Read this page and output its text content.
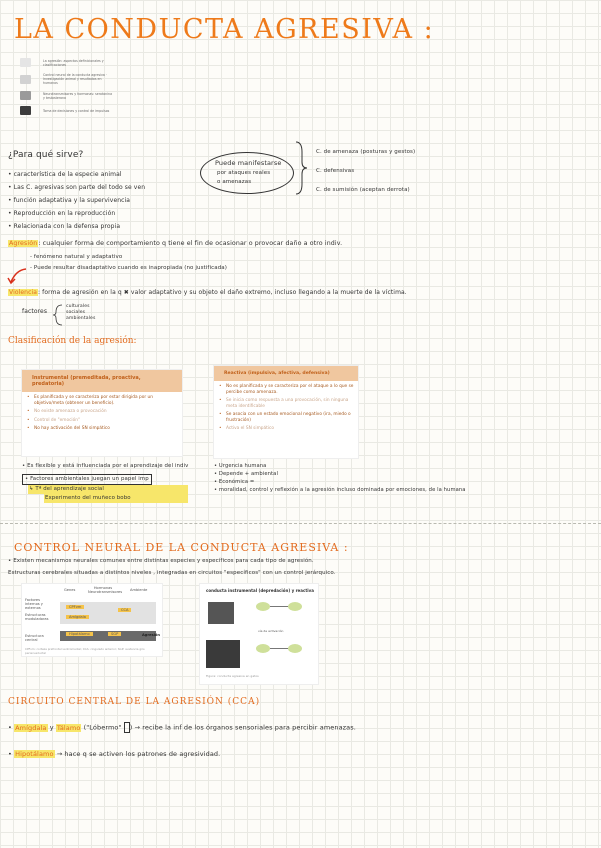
LA CONDUCTA AGRESIVA :
La agresión: aspectos definicionales y clasificaciones
Control neural de la conducta agresiva · Investigación animal y resultados en humanos
Neurotransmisores y hormonas: serotonina y testosterona
Toma de decisiones y control de impulsos
¿Para qué sirve?
• característica de la especie animal
• Las C. agresivas son parte del todo se ven
• función adaptativa y la supervivencia
• Reproducción en la reproducción
• Relacionada con la defensa propia
Puede manifestarse
por ataques reales
o amenazas
C. de amenaza (posturas y gestos)
C. defensivas
C. de sumisión (aceptan derrota)
Agresión: cualquier forma de comportamiento q tiene el fin de ocasionar o provocar daño a otro indiv.
- fenómeno natural y adaptativo
- Puede resultar disadaptativo cuando es inapropiada (no justificada)
Violencia: forma de agresión en la q ✖ valor adaptativo y su objeto el daño extremo, incluso llegando a la muerte de la víctima.
factores
culturales
sociales
ambientales
Clasificación de la agresión:
Instrumental (premeditada, proactiva, predatoria)
• Es planificada y se caracteriza por estar dirigida por un objetivo/meta (obtener un beneficio).
• No existe amenaza o provocación
• Control de "emoción"
• No hay activación del SN simpático
Reactiva (impulsiva, afectiva, defensiva)
• No es planificada y se caracteriza por el ataque a lo que se percibe como amenaza.
• Se inicia como respuesta a una provocación, sin ninguna meta identificable
• Se asocia con un estado emocional negativo (ira, miedo o frustración)
• Activa el SN simpático
• Es flexible y está influenciada por el aprendizaje del indiv
• Factores ambientales juegan un papel imp
↳ Tª del aprendizaje social
Experimento del muñeco bobo
• Urgencia humana
• Depende + ambiental
• Económica =
• moralidad, control y reflexión a la agresión incluso dominada por emociones, de la humana
CONTROL NEURAL DE LA CONDUCTA AGRESIVA :
• Existen mecanismos neurales comunes entre distintas especies y específicos para cada tipo de agresión.
Estructuras cerebrales situadas a distintos niveles , integradas en circuitos "específicos" con un control jerárquico.
Genes	Hormonas Neurotransmisores Ambiente
Factores internos y externos
Estructuras moduladoras
Estructura central
CPFvm
Amígdala
CCA
Hipotálamo	SGP	Agresión
CPFvm: corteza prefrontal ventromedial; CCA: cingulado anterior; SGP: sustancia gris periacueductal
conducta instrumental (depredación) y reactiva
vía de activación
Figura: conducta agresiva en gatos
CIRCUITO CENTRAL DE LA AGRESIÓN (CCA)
• Amígdala y Tálamo ("Lóbermo" ) → recibe la inf de los órganos sensoriales para percibir amenazas.
• Hipotálamo → hace q se activen los patrones de agresividad.
